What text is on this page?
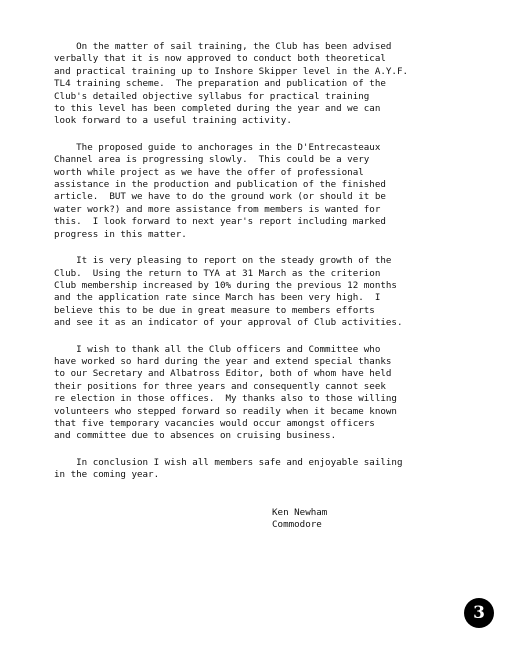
On the matter of sail training, the Club has been advised
verbally that it is now approved to conduct both theoretical
and practical training up to Inshore Skipper level in the A.Y.F.
TL4 training scheme.  The preparation and publication of the
Club's detailed objective syllabus for practical training
to this level has been completed during the year and we can
look forward to a useful training activity.
The proposed guide to anchorages in the D'Entrecasteaux
Channel area is progressing slowly.  This could be a very
worth while project as we have the offer of professional
assistance in the production and publication of the finished
article.  BUT we have to do the ground work (or should it be
water work?) and more assistance from members is wanted for
this.  I look forward to next year's report including marked
progress in this matter.
It is very pleasing to report on the steady growth of the
Club.  Using the return to TYA at 31 March as the criterion
Club membership increased by 10% during the previous 12 months
and the application rate since March has been very high.  I
believe this to be due in great measure to members efforts
and see it as an indicator of your approval of Club activities.
I wish to thank all the Club officers and Committee who
have worked so hard during the year and extend special thanks
to our Secretary and Albatross Editor, both of whom have held
their positions for three years and consequently cannot seek
re election in those offices.  My thanks also to those willing
volunteers who stepped forward so readily when it became known
that five temporary vacancies would occur amongst officers
and committee due to absences on cruising business.
In conclusion I wish all members safe and enjoyable sailing
in the coming year.
Ken Newham
Commodore
3
